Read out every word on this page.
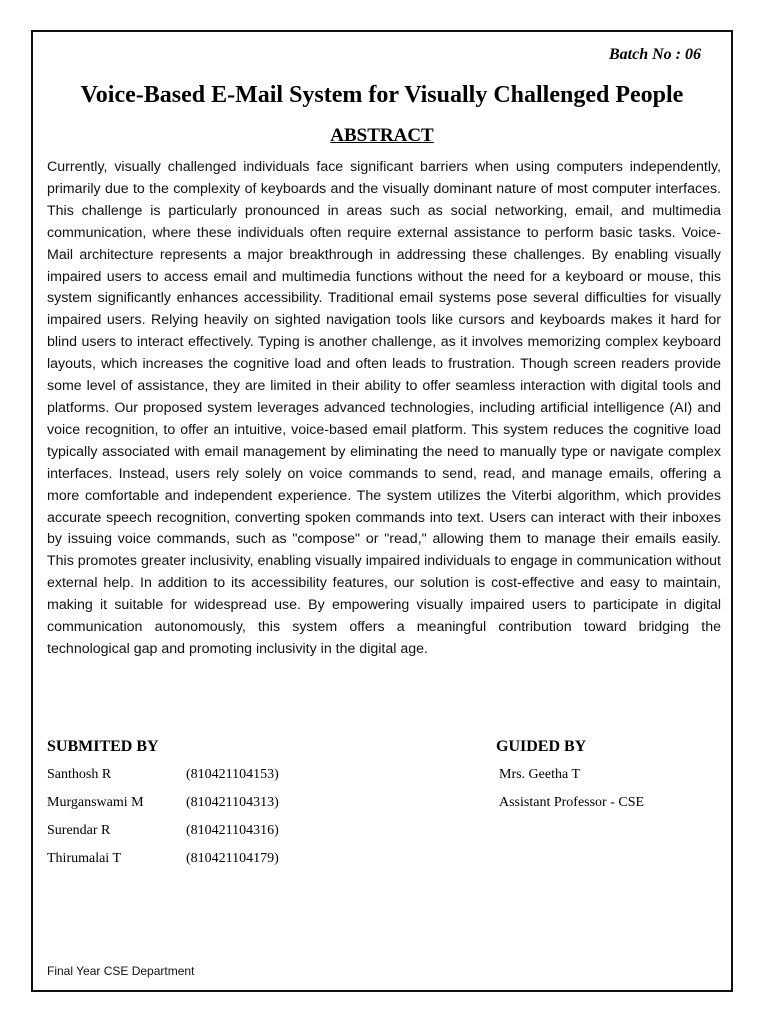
Batch No : 06
Voice-Based E-Mail System for Visually Challenged People
ABSTRACT

Currently, visually challenged individuals face significant barriers when using computers independently, primarily due to the complexity of keyboards and the visually dominant nature of most computer interfaces. This challenge is particularly pronounced in areas such as social networking, email, and multimedia communication, where these individuals often require external assistance to perform basic tasks. Voice-Mail architecture represents a major breakthrough in addressing these challenges. By enabling visually impaired users to access email and multimedia functions without the need for a keyboard or mouse, this system significantly enhances accessibility. Traditional email systems pose several difficulties for visually impaired users. Relying heavily on sighted navigation tools like cursors and keyboards makes it hard for blind users to interact effectively. Typing is another challenge, as it involves memorizing complex keyboard layouts, which increases the cognitive load and often leads to frustration. Though screen readers provide some level of assistance, they are limited in their ability to offer seamless interaction with digital tools and platforms. Our proposed system leverages advanced technologies, including artificial intelligence (AI) and voice recognition, to offer an intuitive, voice-based email platform. This system reduces the cognitive load typically associated with email management by eliminating the need to manually type or navigate complex interfaces. Instead, users rely solely on voice commands to send, read, and manage emails, offering a more comfortable and independent experience. The system utilizes the Viterbi algorithm, which provides accurate speech recognition, converting spoken commands into text. Users can interact with their inboxes by issuing voice commands, such as "compose" or "read," allowing them to manage their emails easily. This promotes greater inclusivity, enabling visually impaired individuals to engage in communication without external help. In addition to its accessibility features, our solution is cost-effective and easy to maintain, making it suitable for widespread use. By empowering visually impaired users to participate in digital communication autonomously, this system offers a meaningful contribution toward bridging the technological gap and promoting inclusivity in the digital age.

SUBMITED BY	GUIDED BY
Santhosh R	(810421104153)
Murganswami M	(810421104313)
Surendar R	(810421104316)
Thirumalai T	(810421104179)
Mrs. Geetha T
Assistant Professor - CSE
Final Year CSE Department
